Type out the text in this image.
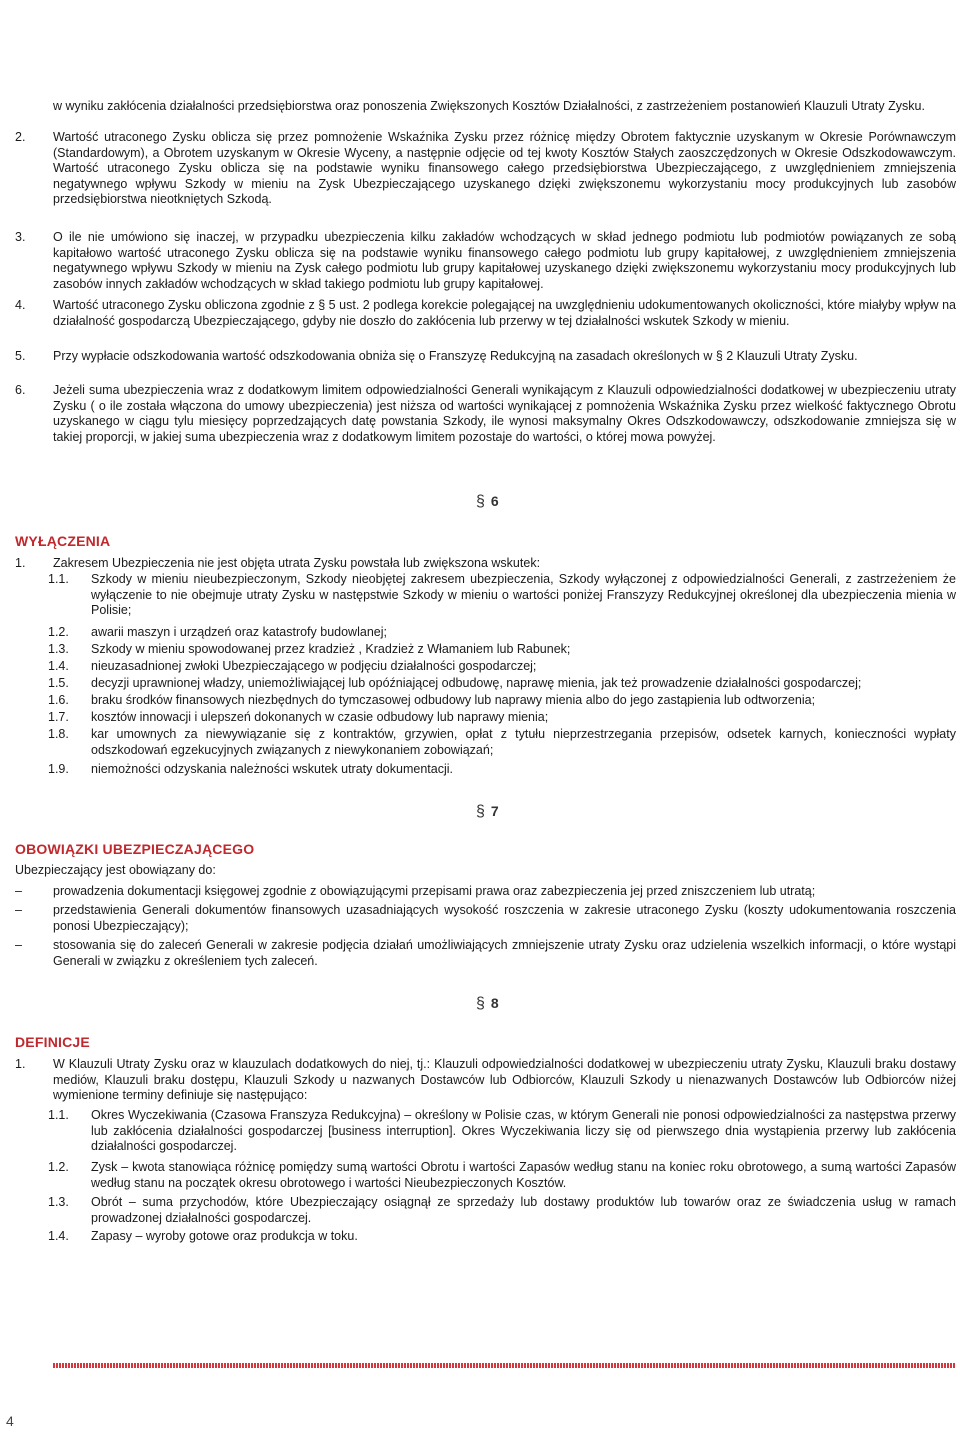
w wyniku zakłócenia działalności przedsiębiorstwa oraz ponoszenia Zwiększonych Kosztów Działalności, z zastrzeżeniem postanowień Klauzuli Utraty Zysku.
2. Wartość utraconego Zysku oblicza się przez pomnożenie Wskaźnika Zysku przez różnicę między Obrotem faktycznie uzyskanym w Okresie Porównawczym (Standardowym), a Obrotem uzyskanym w Okresie Wyceny, a następnie odjęcie od tej kwoty Kosztów Stałych zaoszczędzonych w Okresie Odszkodowawczym. Wartość utraconego Zysku oblicza się na podstawie wyniku finansowego całego przedsiębiorstwa Ubezpieczającego, z uwzględnieniem zmniejszenia negatywnego wpływu Szkody w mieniu na Zysk Ubezpieczającego uzyskanego dzięki zwiększonemu wykorzystaniu mocy produkcyjnych lub zasobów przedsiębiorstwa nieotkniętych Szkodą.
3. O ile nie umówiono się inaczej, w przypadku ubezpieczenia kilku zakładów wchodzących w skład jednego podmiotu lub podmiotów powiązanych ze sobą kapitałowo wartość utraconego Zysku oblicza się na podstawie wyniku finansowego całego podmiotu lub grupy kapitałowej, z uwzględnieniem zmniejszenia negatywnego wpływu Szkody w mieniu na Zysk całego podmiotu lub grupy kapitałowej uzyskanego dzięki zwiększonemu wykorzystaniu mocy produkcyjnych lub zasobów innych zakładów wchodzących w skład takiego podmiotu lub grupy kapitałowej.
4. Wartość utraconego Zysku obliczona zgodnie z § 5 ust. 2 podlega korekcie polegającej na uwzględnieniu udokumentowanych okoliczności, które miałyby wpływ na działalność gospodarczą Ubezpieczającego, gdyby nie doszło do zakłócenia lub przerwy w tej działalności wskutek Szkody w mieniu.
5. Przy wypłacie odszkodowania wartość odszkodowania obniża się o Franszyzę Redukcyjną na zasadach określonych w § 2 Klauzuli Utraty Zysku.
6. Jeżeli suma ubezpieczenia wraz z dodatkowym limitem odpowiedzialności Generali wynikającym z Klauzuli odpowiedzialności dodatkowej w ubezpieczeniu utraty Zysku ( o ile została włączona do umowy ubezpieczenia) jest niższa od wartości wynikającej z pomnożenia Wskaźnika Zysku przez wielkość faktycznego Obrotu uzyskanego w ciągu tylu miesięcy poprzedzających datę powstania Szkody, ile wynosi maksymalny Okres Odszkodowawczy, odszkodowanie zmniejsza się w takiej proporcji, w jakiej suma ubezpieczenia wraz z dodatkowym limitem pozostaje do wartości, o której mowa powyżej.
§ 6
WYŁĄCZENIA
1. Zakresem Ubezpieczenia nie jest objęta utrata Zysku powstała lub zwiększona wskutek:
1.1. Szkody w mieniu nieubezpieczonym, Szkody nieobjętej zakresem ubezpieczenia, Szkody wyłączonej z odpowiedzialności Generali, z zastrzeżeniem że wyłączenie to nie obejmuje utraty Zysku w następstwie Szkody w mieniu o wartości poniżej Franszyzy Redukcyjnej określonej dla ubezpieczenia mienia w Polisie;
1.2. awarii maszyn i urządzeń oraz katastrofy budowlanej;
1.3. Szkody w mieniu spowodowanej przez kradzież , Kradzież z Włamaniem lub Rabunek;
1.4. nieuzasadnionej zwłoki Ubezpieczającego w podjęciu działalności gospodarczej;
1.5. decyzji uprawnionej władzy, uniemożliwiającej lub opóźniającej odbudowę, naprawę mienia, jak też prowadzenie działalności gospodarczej;
1.6. braku środków finansowych niezbędnych do tymczasowej odbudowy lub naprawy mienia albo do jego zastąpienia lub odtworzenia;
1.7. kosztów innowacji i ulepszeń dokonanych w czasie odbudowy lub naprawy mienia;
1.8. kar umownych za niewywiązanie się z kontraktów, grzywien, opłat z tytułu nieprzestrzegania przepisów, odsetek karnych, konieczności wypłaty odszkodowań egzekucyjnych związanych z niewykonaniem zobowiązań;
1.9. niemożności odzyskania należności wskutek utraty dokumentacji.
§ 7
OBOWIĄZKI UBEZPIECZAJĄCEGO
Ubezpieczający jest obowiązany do:
– prowadzenia dokumentacji księgowej zgodnie z obowiązującymi przepisami prawa oraz zabezpieczenia jej przed zniszczeniem lub utratą;
– przedstawienia Generali dokumentów finansowych uzasadniających wysokość roszczenia w zakresie utraconego Zysku (koszty udokumentowania roszczenia ponosi Ubezpieczający);
– stosowania się do zaleceń Generali w zakresie podjęcia działań umożliwiających zmniejszenie utraty Zysku oraz udzielenia wszelkich informacji, o które wystąpi Generali w związku z określeniem tych zaleceń.
§ 8
DEFINICJE
1. W Klauzuli Utraty Zysku oraz w klauzulach dodatkowych do niej, tj.: Klauzuli odpowiedzialności dodatkowej w ubezpieczeniu utraty Zysku, Klauzuli braku dostawy mediów, Klauzuli braku dostępu, Klauzuli Szkody u nazwanych Dostawców lub Odbiorców, Klauzuli Szkody u nienazwanych Dostawców lub Odbiorców niżej wymienione terminy definiuje się następująco:
1.1. Okres Wyczekiwania (Czasowa Franszyza Redukcyjna) – określony w Polisie czas, w którym Generali nie ponosi odpowiedzialności za następstwa przerwy lub zakłócenia działalności gospodarczej [business interruption]. Okres Wyczekiwania liczy się od pierwszego dnia wystąpienia przerwy lub zakłócenia działalności gospodarczej.
1.2. Zysk – kwota stanowiąca różnicę pomiędzy sumą wartości Obrotu i wartości Zapasów według stanu na koniec roku obrotowego, a sumą wartości Zapasów według stanu na początek okresu obrotowego i wartości Nieubezpieczonych Kosztów.
1.3. Obrót – suma przychodów, które Ubezpieczający osiągnął ze sprzedaży lub dostawy produktów lub towarów oraz ze świadczenia usług w ramach prowadzonej działalności gospodarczej.
1.4. Zapasy – wyroby gotowe oraz produkcja w toku.
4
